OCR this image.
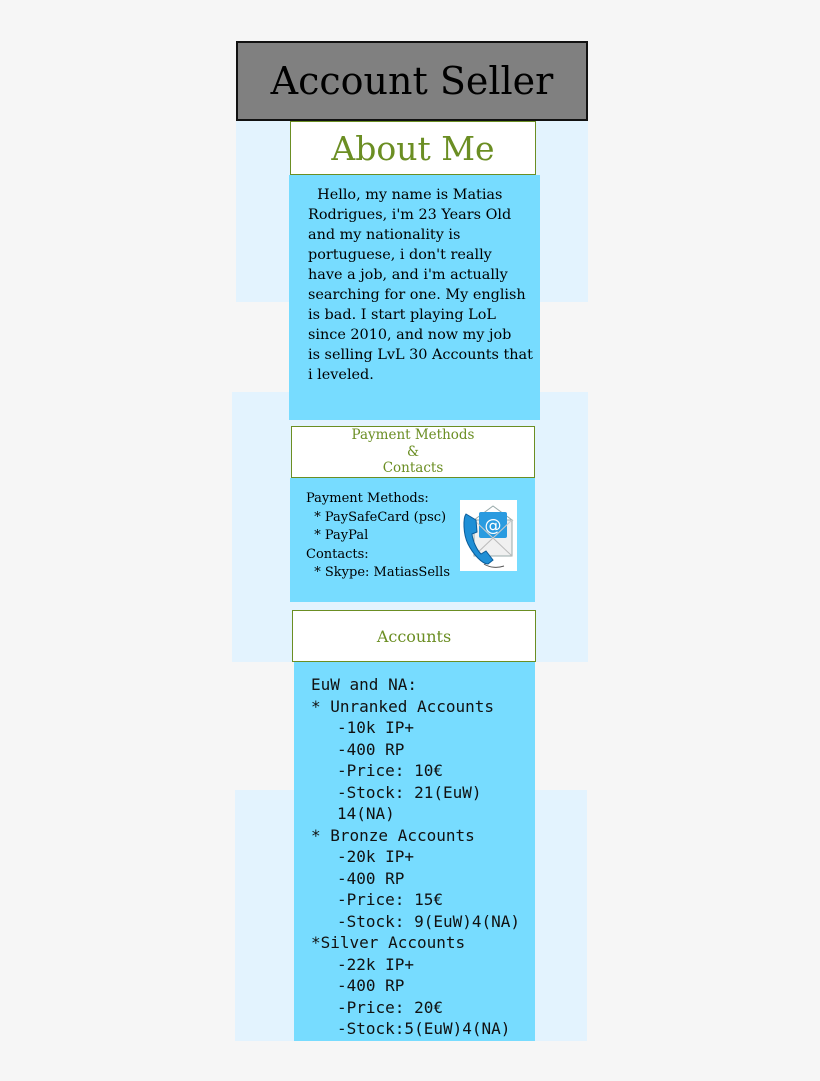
Account Seller
About Me
Hello, my name is Matias
Rodrigues, i'm 23 Years Old
and my nationality is
portuguese, i don't really
have a job, and i'm actually
searching for one. My english
is bad. I start playing LoL
since 2010, and now my job
is selling LvL 30 Accounts that
i leveled.
Payment Methods
&
Contacts
Payment Methods:
* PaySafeCard (psc)
* PayPal
Contacts:
* Skype: MatiasSells
@
Accounts
EuW and NA:
* Unranked Accounts
-10k IP+
-400 RP
-Price: 10€
-Stock: 21(EuW)
14(NA)
* Bronze Accounts
-20k IP+
-400 RP
-Price: 15€
-Stock: 9(EuW)4(NA)
*Silver Accounts
-22k IP+
-400 RP
-Price: 20€
-Stock:5(EuW)4(NA)
